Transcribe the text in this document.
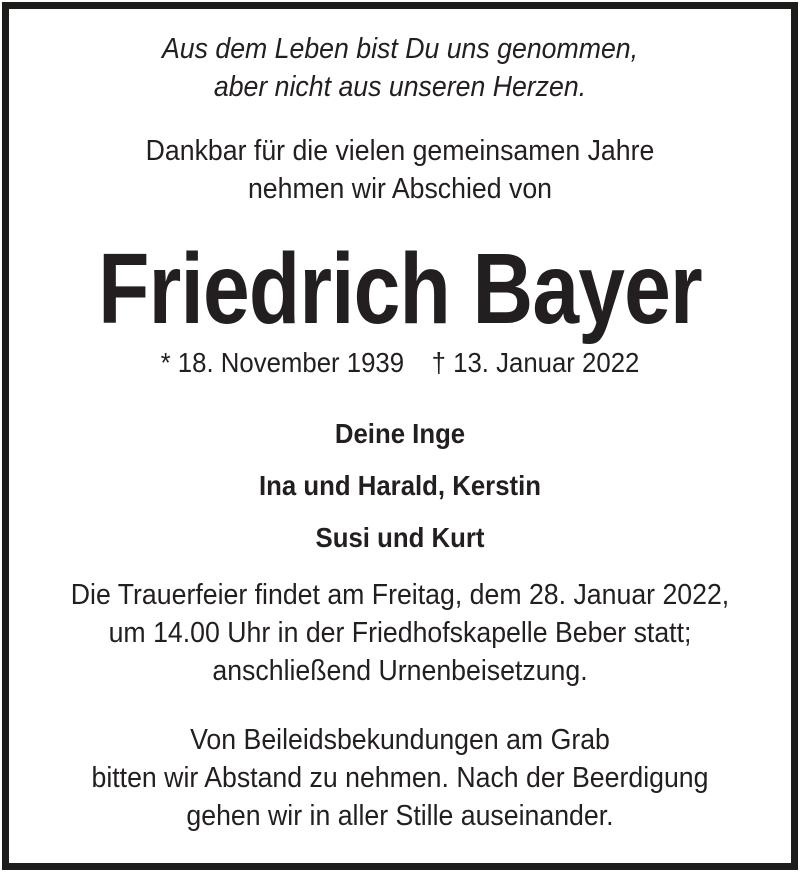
Aus dem Leben bist Du uns genommen,
aber nicht aus unseren Herzen.
Dankbar für die vielen gemeinsamen Jahre
nehmen wir Abschied von
Friedrich Bayer
* 18. November 1939 † 13. Januar 2022
Deine Inge
Ina und Harald, Kerstin
Susi und Kurt
Die Trauerfeier findet am Freitag, dem 28. Januar 2022,
um 14.00 Uhr in der Friedhofskapelle Beber statt;
anschließend Urnenbeisetzung.
Von Beileidsbekundungen am Grab
bitten wir Abstand zu nehmen. Nach der Beerdigung
gehen wir in aller Stille auseinander.
